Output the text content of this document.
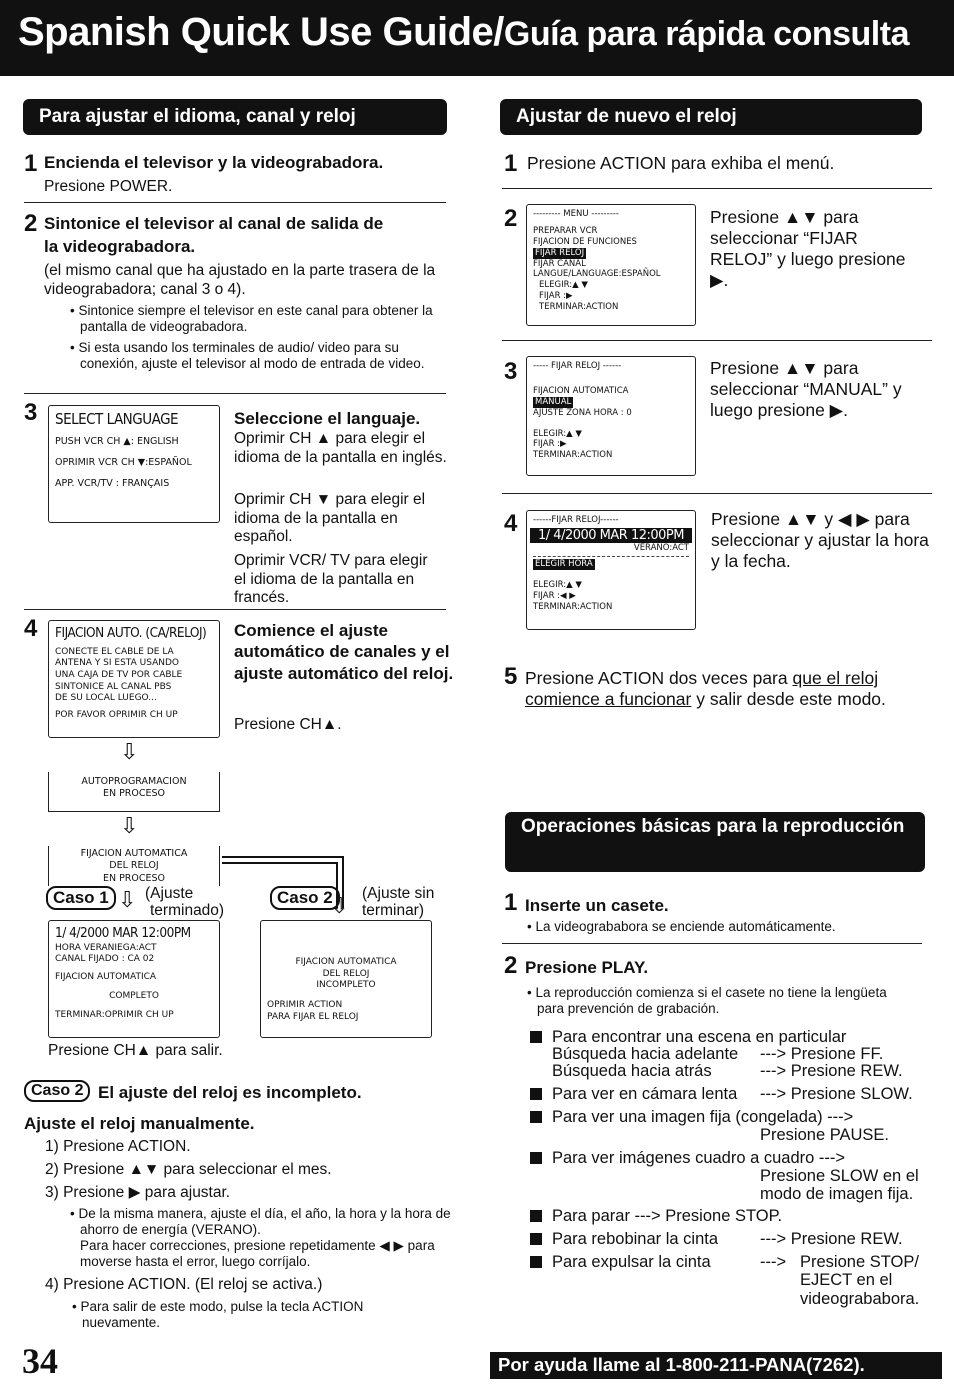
Spanish Quick Use Guide/Guía para rápida consulta
Para ajustar el idioma, canal y reloj
1 Encienda el televisor y la videograbadora.
Presione POWER.
2 Sintonice el televisor al canal de salida de
la videograbadora.
(el mismo canal que ha ajustado en la parte trasera de la videograbadora; canal 3 o 4).
• Sintonice siempre el televisor en este canal para obtener la pantalla de videograbadora.
• Si esta usando los terminales de audio/ video para su conexión, ajuste el televisor al modo de entrada de video.
3 SELECT LANGUAGE
PUSH VCR CH ▲: ENGLISH
OPRIMIR VCR CH ▼:ESPAÑOL
APP. VCR/TV : FRANÇAIS
Seleccione el languaje.
Oprimir CH ▲ para elegir el idioma de la pantalla en inglés.
Oprimir CH ▼ para elegir el idioma de la pantalla en español.
Oprimir VCR/ TV para elegir el idioma de la pantalla en francés.
4 FIJACION AUTO. (CA/RELOJ)
CONECTE EL CABLE DE LA
ANTENA Y SI ESTA USANDO
UNA CAJA DE TV POR CABLE
SINTONICE AL CANAL PBS
DE SU LOCAL LUEGO...
POR FAVOR OPRIMIR CH UP
Comience el ajuste automático de canales y el ajuste automático del reloj.
Presione CH▲.
⇩
AUTOPROGRAMACION
EN PROCESO
⇩
FIJACION AUTOMATICA
DEL RELOJ
EN PROCESO
Caso 1 ⇩ (Ajuste
terminado)
Caso 2
⇩ (Ajuste sin
terminar)
1/ 4/2000 MAR 12:00PM
HORA VERANIEGA:ACT
CANAL FIJADO : CA 02
FIJACION AUTOMATICA
COMPLETO
TERMINAR:OPRIMIR CH UP
FIJACION AUTOMATICA
DEL RELOJ
INCOMPLETO
OPRIMIR ACTION
PARA FIJAR EL RELOJ
Presione CH▲ para salir.
Caso 2 El ajuste del reloj es incompleto.
Ajuste el reloj manualmente.
1) Presione ACTION.
2) Presione ▲▼ para seleccionar el mes.
3) Presione ▶ para ajustar.
• De la misma manera, ajuste el día, el año, la hora y la hora de ahorro de energía (VERANO).
Para hacer correcciones, presione repetidamente ◀ ▶ para moverse hasta el error, luego corríjalo.
4) Presione ACTION. (El reloj se activa.)
• Para salir de este modo, pulse la tecla ACTION nuevamente.
Ajustar de nuevo el reloj
1 Presione ACTION para exhiba el menú.
2 --------- MENU ---------
PREPARAR VCR
FIJACION DE FUNCIONES
FIJAR RELOJ
FIJAR CANAL
LANGUE/LANGUAGE:ESPAÑOL
ELEGIR:▲ ▼
FIJAR :▶
TERMINAR:ACTION
Presione ▲▼ para seleccionar “FIJAR RELOJ” y luego presione ▶.
3 ----- FIJAR RELOJ ------
FIJACION AUTOMATICA
MANUAL
AJUSTE ZONA HORA : 0
ELEGIR:▲ ▼
FIJAR :▶
TERMINAR:ACTION
Presione ▲▼ para seleccionar “MANUAL” y luego presione ▶.
4 ------FIJAR RELOJ------
1/ 4/2000 MAR 12:00PM
VERANO:ACT
ELEGIR HORA
ELEGIR:▲ ▼
FIJAR :◀ ▶
TERMINAR:ACTION
Presione ▲▼ y ◀ ▶ para seleccionar y ajustar la hora y la fecha.
5 Presione ACTION dos veces para que el reloj comience a funcionar y salir desde este modo.
Operaciones básicas para la reproducción
1 Inserte un casete.
• La videogrababora se enciende automáticamente.
2 Presione PLAY.
• La reproducción comienza si el casete no tiene la lengüeta para prevención de grabación.
Para encontrar una escena en particular
Búsqueda hacia adelante ---> Presione FF.
Búsqueda hacia atrás	---> Presione REW.
Para ver en cámara lenta ---> Presione SLOW.
Para ver una imagen fija (congelada) --->
Presione PAUSE.
Para ver imágenes cuadro a cuadro --->
Presione SLOW en el modo de imagen fija.
Para parar ---> Presione STOP.
Para rebobinar la cinta	---> Presione REW.
Para expulsar la cinta	---> Presione STOP/ EJECT en el videogrababora.
34	Por ayuda llame al 1-800-211-PANA(7262).
